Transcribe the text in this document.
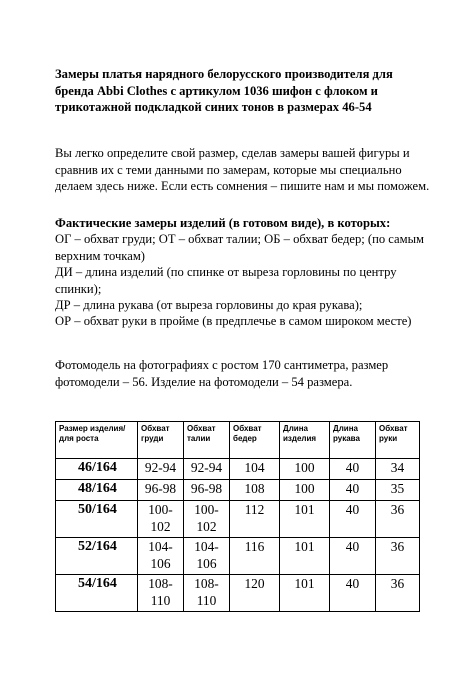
Замеры платья нарядного белорусского производителя для бренда Abbi Clothes с артикулом 1036 шифон с флоком и трикотажной подкладкой синих тонов в размерах 46-54

Вы легко определите свой размер, сделав замеры вашей фигуры и сравнив их с теми данными по замерам, которые мы специально делаем здесь ниже. Если есть сомнения – пишите нам и мы поможем.

Фактические замеры изделий (в готовом виде), в которых:
ОГ – обхват груди; ОТ – обхват талии; ОБ – обхват бедер; (по самым верхним точкам)
ДИ – длина изделий (по спинке от выреза горловины по центру спинки);
ДР – длина рукава (от выреза горловины до края рукава);
ОР – обхват руки в пройме (в предплечье в самом широком месте)

Фотомодель на фотографиях с ростом 170 сантиметра, размер фотомодели – 56. Изделие на фотомодели – 54 размера.

Размер изделия/для роста	Обхват груди	Обхват талии	Обхват бедер	Длина изделия	Длина рукава	Обхват руки
46/164	92-94	92-94	104	100	40	34
48/164	96-98	96-98	108	100	40	35
50/164	100-102	100-102	112	101	40	36
52/164	104-106	104-106	116	101	40	36
54/164	108-110	108-110	120	101	40	36
